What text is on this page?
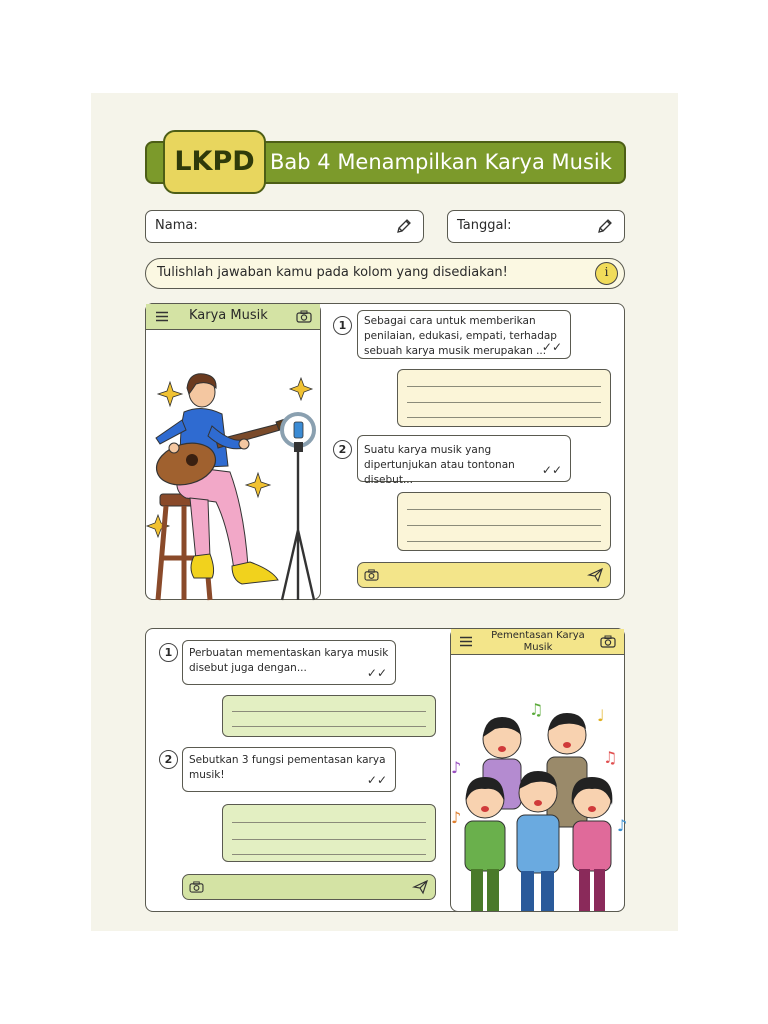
Bab 4 Menampilkan Karya Musik
LKPD
Nama:	Tanggal:
Tulishlah jawaban kamu pada kolom yang disediakan!	i
Karya Musik
1	Sebagai cara untuk memberikan penilaian, edukasi, empati, terhadap sebuah karya musik merupakan ...
✓✓
2	Suatu karya musik yang dipertunjukan atau tontonan disebut...
✓✓
1	Perbuatan mementaskan karya musik disebut juga dengan...	✓✓
2	Sebutkan 3 fungsi pementasan karya musik!	✓✓
Pementasan Karya Musik
♫	♩
♫
♪
♪
♪
